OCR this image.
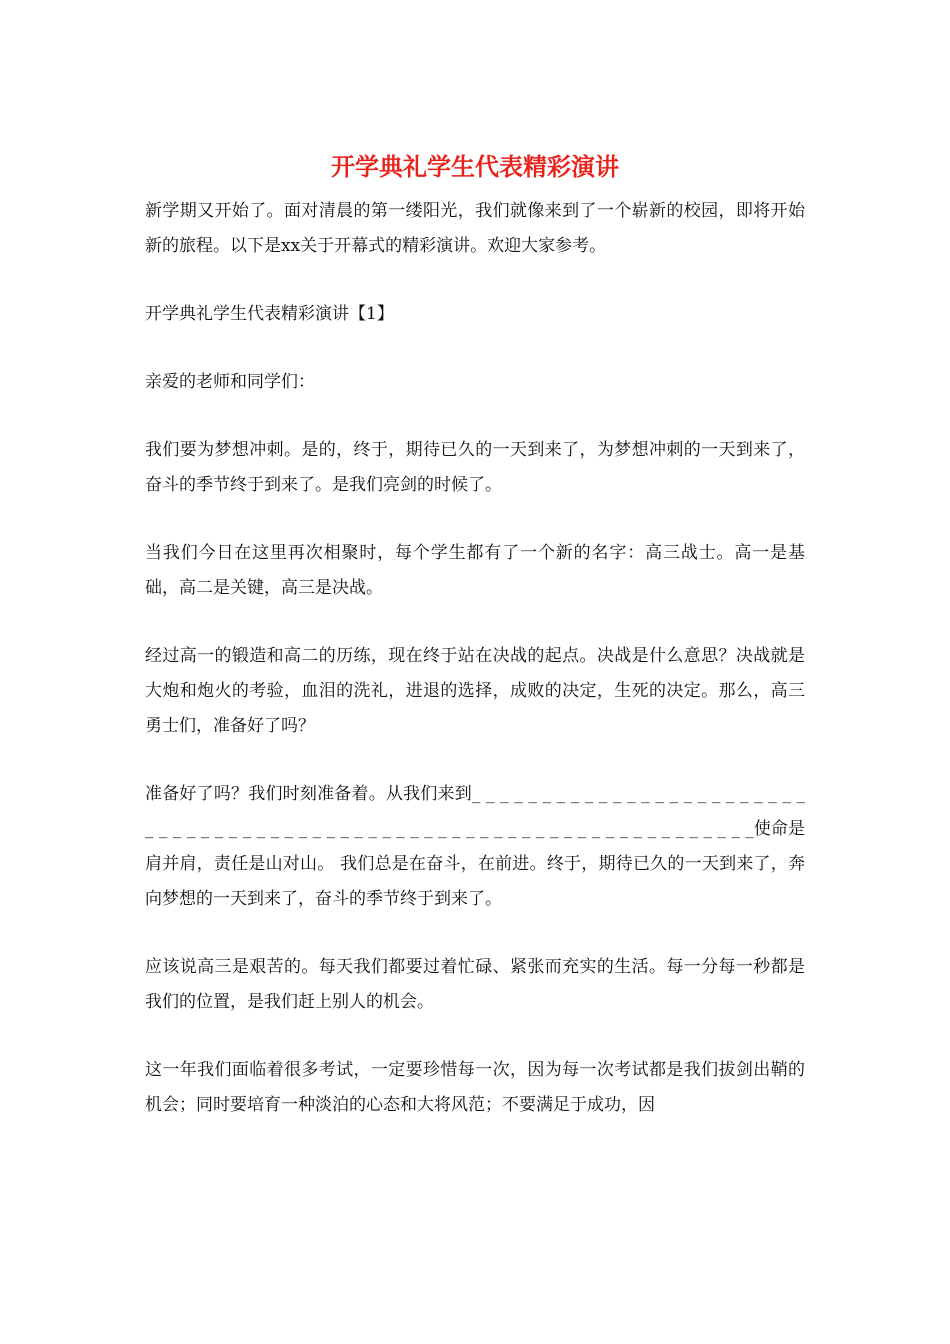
开学典礼学生代表精彩演讲

新学期又开始了。面对清晨的第一缕阳光，我们就像来到了一个崭新的校园，即将开始新的旅程。以下是xx关于开幕式的精彩演讲。欢迎大家参考。

开学典礼学生代表精彩演讲【1】

亲爱的老师和同学们：

我们要为梦想冲刺。是的，终于，期待已久的一天到来了，为梦想冲刺的一天到来了，奋斗的季节终于到来了。是我们亮剑的时候了。

当我们今日在这里再次相聚时，每个学生都有了一个新的名字：高三战士。高一是基础，高二是关键，高三是决战。

经过高一的锻造和高二的历练，现在终于站在决战的起点。决战是什么意思？决战就是大炮和炮火的考验，血泪的洗礼，进退的选择，成败的决定，生死的决定。那么，高三勇士们，准备好了吗？

准备好了吗？我们时刻准备着。从我们来到_ _ _ _ _ _ _ _ _ _ _ _ _ _ _ _ _ _ _ _ _ _ _ _ _ _ _ _ _ _ _ _ _ _ _ _ _ _ _ _ _ _ _ _ _ _ _ _ _ _ _ _ _ _ _ _ _ _ _ _ _ _ _ _ _ _ _ _使命是肩并肩，责任是山对山。 我们总是在奋斗，在前进。终于，期待已久的一天到来了，奔向梦想的一天到来了，奋斗的季节终于到来了。

应该说高三是艰苦的。每天我们都要过着忙碌、紧张而充实的生活。每一分每一秒都是我们的位置，是我们赶上别人的机会。

这一年我们面临着很多考试，一定要珍惜每一次，因为每一次考试都是我们拔剑出鞘的机会；同时要培育一种淡泊的心态和大将风范；不要满足于成功，因
